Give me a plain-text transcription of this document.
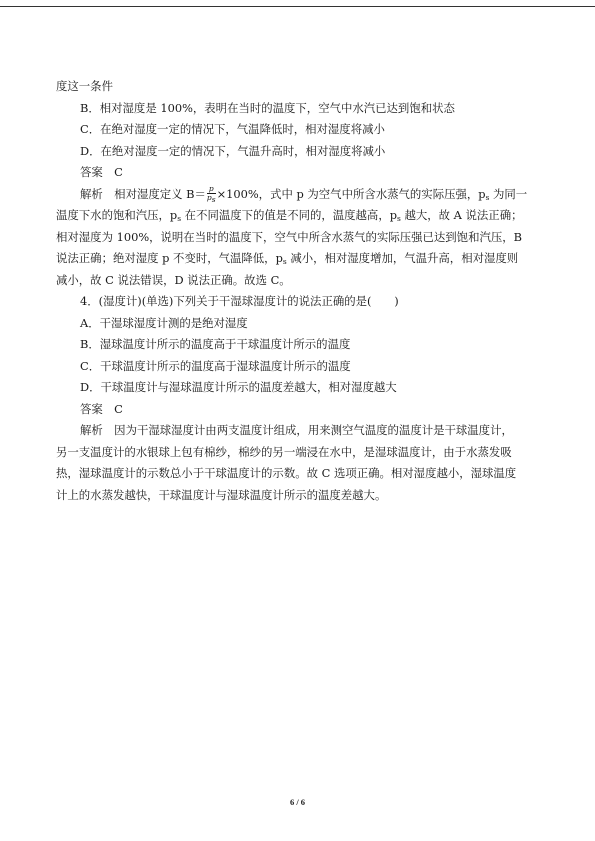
度这一条件
B．相对湿度是 100%，表明在当时的温度下，空气中水汽已达到饱和状态
C．在绝对湿度一定的情况下，气温降低时，相对湿度将减小
D．在绝对湿度一定的情况下，气温升高时，相对湿度将减小
答案　C
解析　相对湿度定义 $B= \frac{p}{ps} \times 100\%$，式中 p 为空气中所含水蒸气的实际压强，$p_s$ 为同一
温度下水的饱和汽压，$p_s$ 在不同温度下的值是不同的，温度越高，$p_s$ 越大，故 A 说法正确；
相对湿度为 100%，说明在当时的温度下，空气中所含水蒸气的实际压强已达到饱和汽压，B
说法正确；绝对湿度 p 不变时，气温降低，$p_s$ 减小，相对湿度增加，气温升高，相对湿度则
减小，故 C 说法错误，D 说法正确。故选 C。
4．(湿度计)(单选)下列关于干湿球湿度计的说法正确的是(　　)
A．干湿球湿度计测的是绝对湿度
B．湿球温度计所示的温度高于干球温度计所示的温度
C．干球温度计所示的温度高于湿球温度计所示的温度
D．干球温度计与湿球温度计所示的温度差越大，相对湿度越大
答案　C
解析　因为干湿球湿度计由两支温度计组成，用来测空气温度的温度计是干球温度计，
另一支温度计的水银球上包有棉纱，棉纱的另一端浸在水中，是湿球温度计，由于水蒸发吸
热，湿球温度计的示数总小于干球温度计的示数。故 C 选项正确。相对湿度越小，湿球温度
计上的水蒸发越快，干球温度计与湿球温度计所示的温度差越大。
6 / 6
